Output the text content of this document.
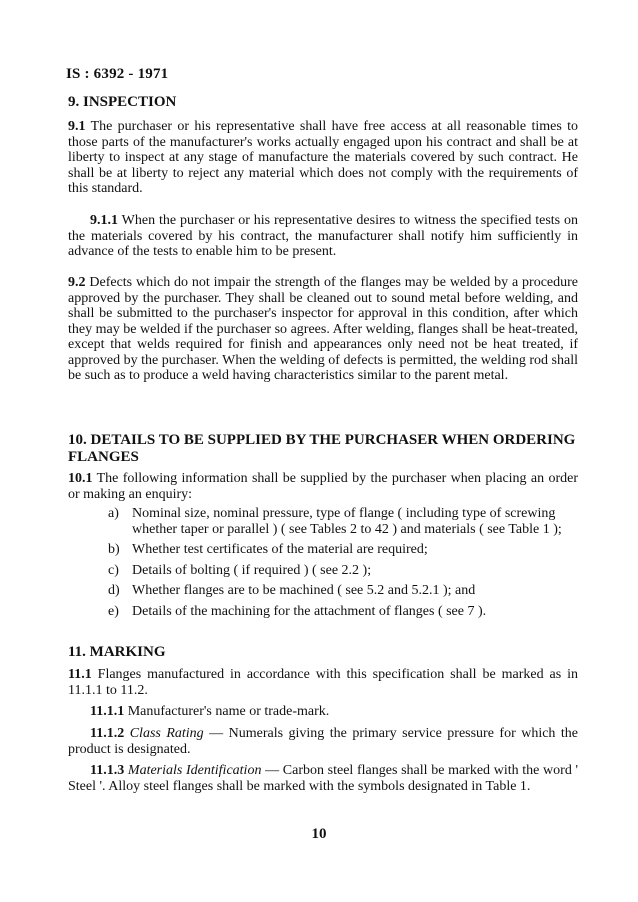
IS : 6392 - 1971
9. INSPECTION
9.1 The purchaser or his representative shall have free access at all reasonable times to those parts of the manufacturer's works actually engaged upon his contract and shall be at liberty to inspect at any stage of manufacture the materials covered by such contract. He shall be at liberty to reject any material which does not comply with the requirements of this standard.
9.1.1 When the purchaser or his representative desires to witness the specified tests on the materials covered by his contract, the manufacturer shall notify him sufficiently in advance of the tests to enable him to be present.
9.2 Defects which do not impair the strength of the flanges may be welded by a procedure approved by the purchaser. They shall be cleaned out to sound metal before welding, and shall be submitted to the purchaser's inspector for approval in this condition, after which they may be welded if the purchaser so agrees. After welding, flanges shall be heat-treated, except that welds required for finish and appearances only need not be heat treated, if approved by the purchaser. When the welding of defects is permitted, the welding rod shall be such as to produce a weld having characteristics similar to the parent metal.
10. DETAILS TO BE SUPPLIED BY THE PURCHASER WHEN ORDERING FLANGES
10.1 The following information shall be supplied by the purchaser when placing an order or making an enquiry:
a) Nominal size, nominal pressure, type of flange ( including type of screwing whether taper or parallel ) ( see Tables 2 to 42 ) and materials ( see Table 1 );
b) Whether test certificates of the material are required;
c) Details of bolting ( if required ) ( see 2.2 );
d) Whether flanges are to be machined ( see 5.2 and 5.2.1 ); and
e) Details of the machining for the attachment of flanges ( see 7 ).
11. MARKING
11.1 Flanges manufactured in accordance with this specification shall be marked as in 11.1.1 to 11.2.
11.1.1 Manufacturer's name or trade-mark.
11.1.2 Class Rating — Numerals giving the primary service pressure for which the product is designated.
11.1.3 Materials Identification — Carbon steel flanges shall be marked with the word ' Steel '. Alloy steel flanges shall be marked with the symbols designated in Table 1.
10
